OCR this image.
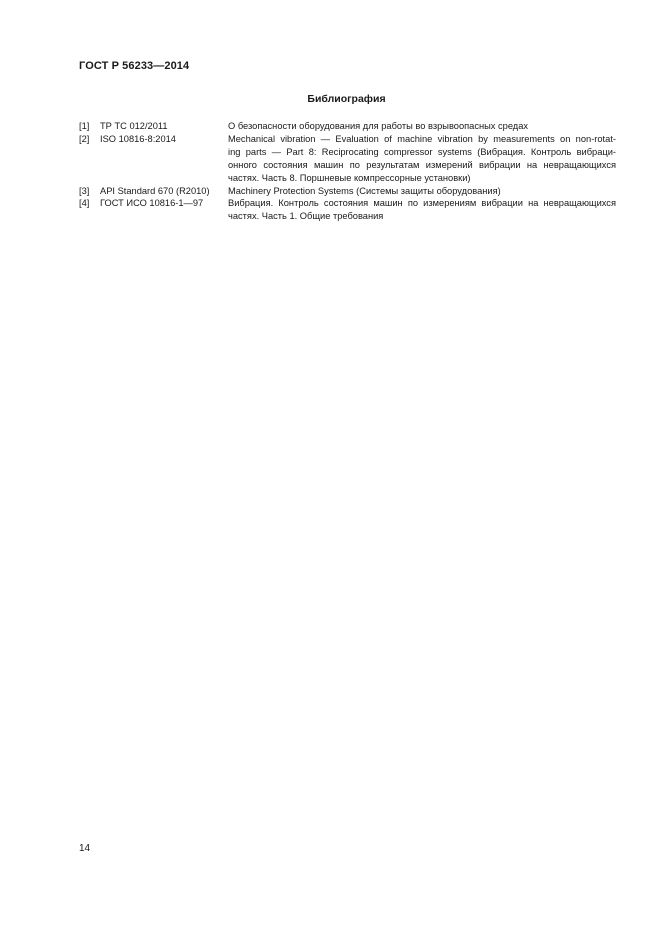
ГОСТ Р 56233—2014
Библиография
[1]	ТР ТС 012/2011	О безопасности оборудования для работы во взрывоопасных средах
[2]	ISO 10816-8:2014	Mechanical vibration — Evaluation of machine vibration by measurements on non-rotat-
ing parts — Part 8: Reciprocating compressor systems (Вибрация. Контроль вибраци-
онного состояния машин по результатам измерений вибрации на невращающихся
частях. Часть 8. Поршневые компрессорные установки)
[3]	API Standard 670 (R2010)	Machinery Protection Systems (Системы защиты оборудования)
[4]	ГОСТ ИСО 10816-1—97	Вибрация. Контроль состояния машин по измерениям вибрации на невращающихся
частях. Часть 1. Общие требования
14
